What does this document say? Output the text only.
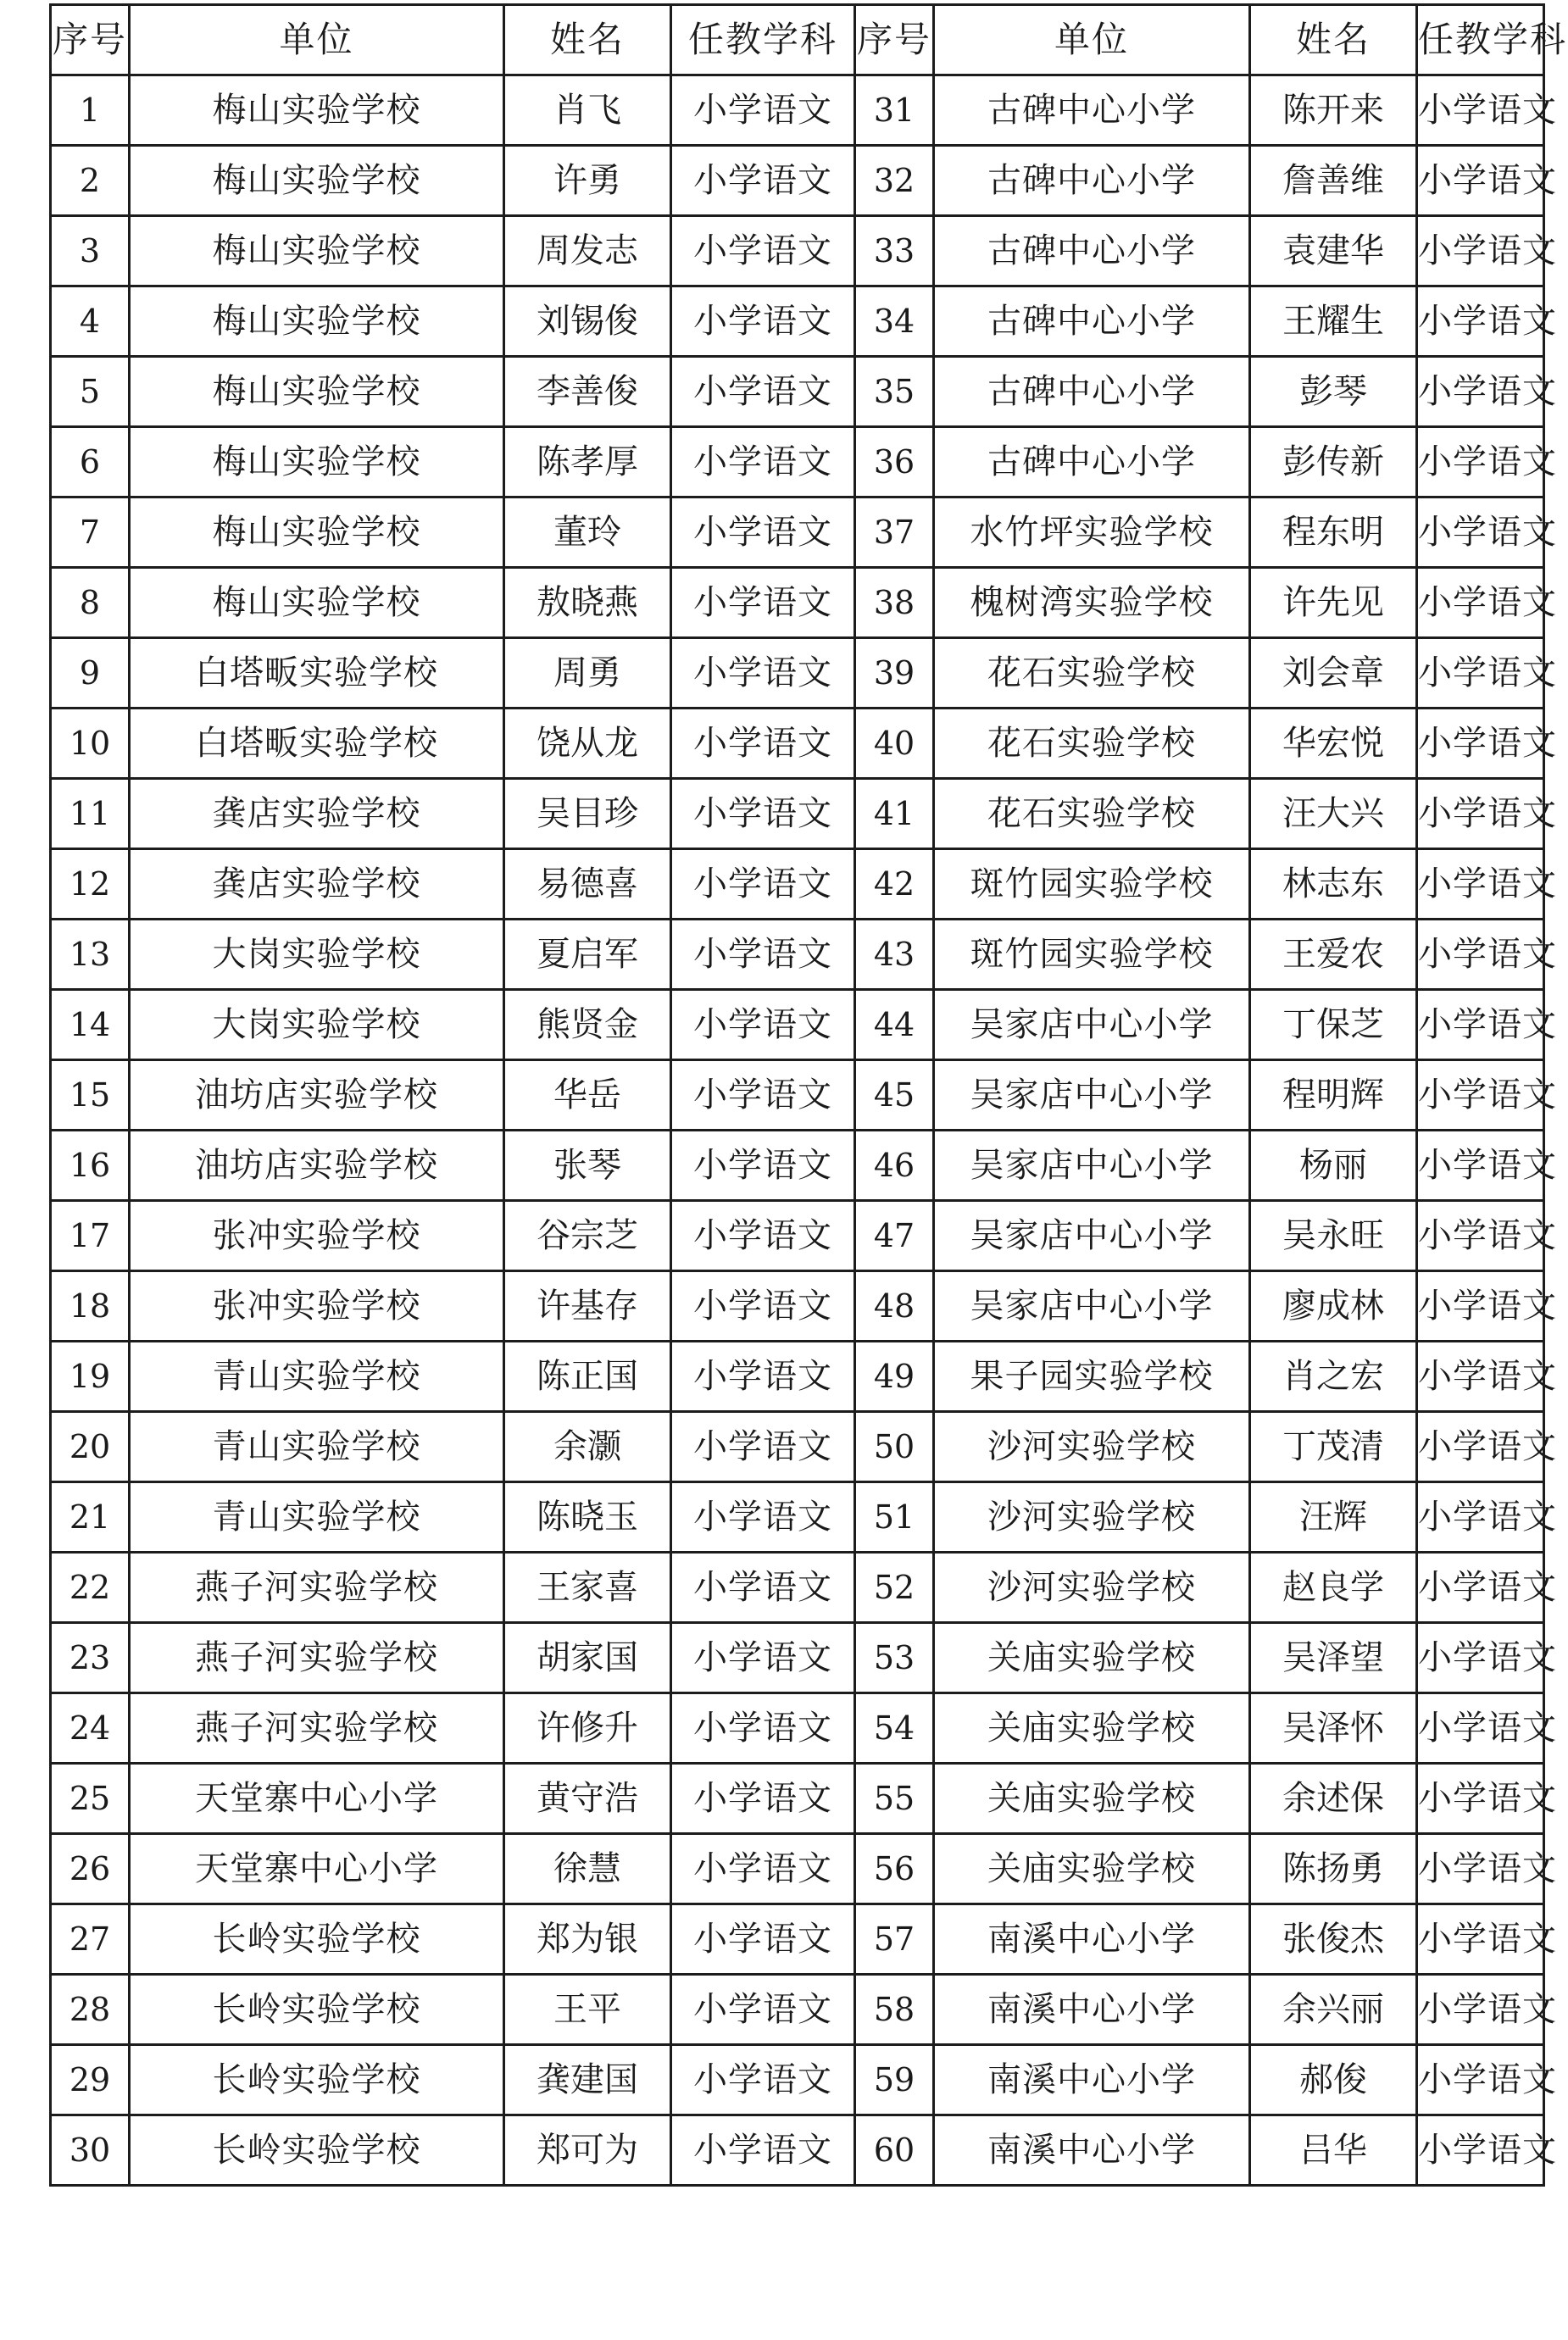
序号	单位	姓名	任教学科	序号	单位	姓名	任教学科
1	梅山实验学校	肖飞	小学语文	31	古碑中心小学	陈开来	小学语文
2	梅山实验学校	许勇	小学语文	32	古碑中心小学	詹善维	小学语文
3	梅山实验学校	周发志	小学语文	33	古碑中心小学	袁建华	小学语文
4	梅山实验学校	刘锡俊	小学语文	34	古碑中心小学	王耀生	小学语文
5	梅山实验学校	李善俊	小学语文	35	古碑中心小学	彭琴	小学语文
6	梅山实验学校	陈孝厚	小学语文	36	古碑中心小学	彭传新	小学语文
7	梅山实验学校	董玲	小学语文	37	水竹坪实验学校	程东明	小学语文
8	梅山实验学校	敖晓燕	小学语文	38	槐树湾实验学校	许先见	小学语文
9	白塔畈实验学校	周勇	小学语文	39	花石实验学校	刘会章	小学语文
10	白塔畈实验学校	饶从龙	小学语文	40	花石实验学校	华宏悦	小学语文
11	龚店实验学校	吴目珍	小学语文	41	花石实验学校	汪大兴	小学语文
12	龚店实验学校	易德喜	小学语文	42	斑竹园实验学校	林志东	小学语文
13	大岗实验学校	夏启军	小学语文	43	斑竹园实验学校	王爱农	小学语文
14	大岗实验学校	熊贤金	小学语文	44	吴家店中心小学	丁保芝	小学语文
15	油坊店实验学校	华岳	小学语文	45	吴家店中心小学	程明辉	小学语文
16	油坊店实验学校	张琴	小学语文	46	吴家店中心小学	杨丽	小学语文
17	张冲实验学校	谷宗芝	小学语文	47	吴家店中心小学	吴永旺	小学语文
18	张冲实验学校	许基存	小学语文	48	吴家店中心小学	廖成林	小学语文
19	青山实验学校	陈正国	小学语文	49	果子园实验学校	肖之宏	小学语文
20	青山实验学校	余灏	小学语文	50	沙河实验学校	丁茂清	小学语文
21	青山实验学校	陈晓玉	小学语文	51	沙河实验学校	汪辉	小学语文
22	燕子河实验学校	王家喜	小学语文	52	沙河实验学校	赵良学	小学语文
23	燕子河实验学校	胡家国	小学语文	53	关庙实验学校	吴泽望	小学语文
24	燕子河实验学校	许修升	小学语文	54	关庙实验学校	吴泽怀	小学语文
25	天堂寨中心小学	黄守浩	小学语文	55	关庙实验学校	余述保	小学语文
26	天堂寨中心小学	徐慧	小学语文	56	关庙实验学校	陈扬勇	小学语文
27	长岭实验学校	郑为银	小学语文	57	南溪中心小学	张俊杰	小学语文
28	长岭实验学校	王平	小学语文	58	南溪中心小学	余兴丽	小学语文
29	长岭实验学校	龚建国	小学语文	59	南溪中心小学	郝俊	小学语文
30	长岭实验学校	郑可为	小学语文	60	南溪中心小学	吕华	小学语文
